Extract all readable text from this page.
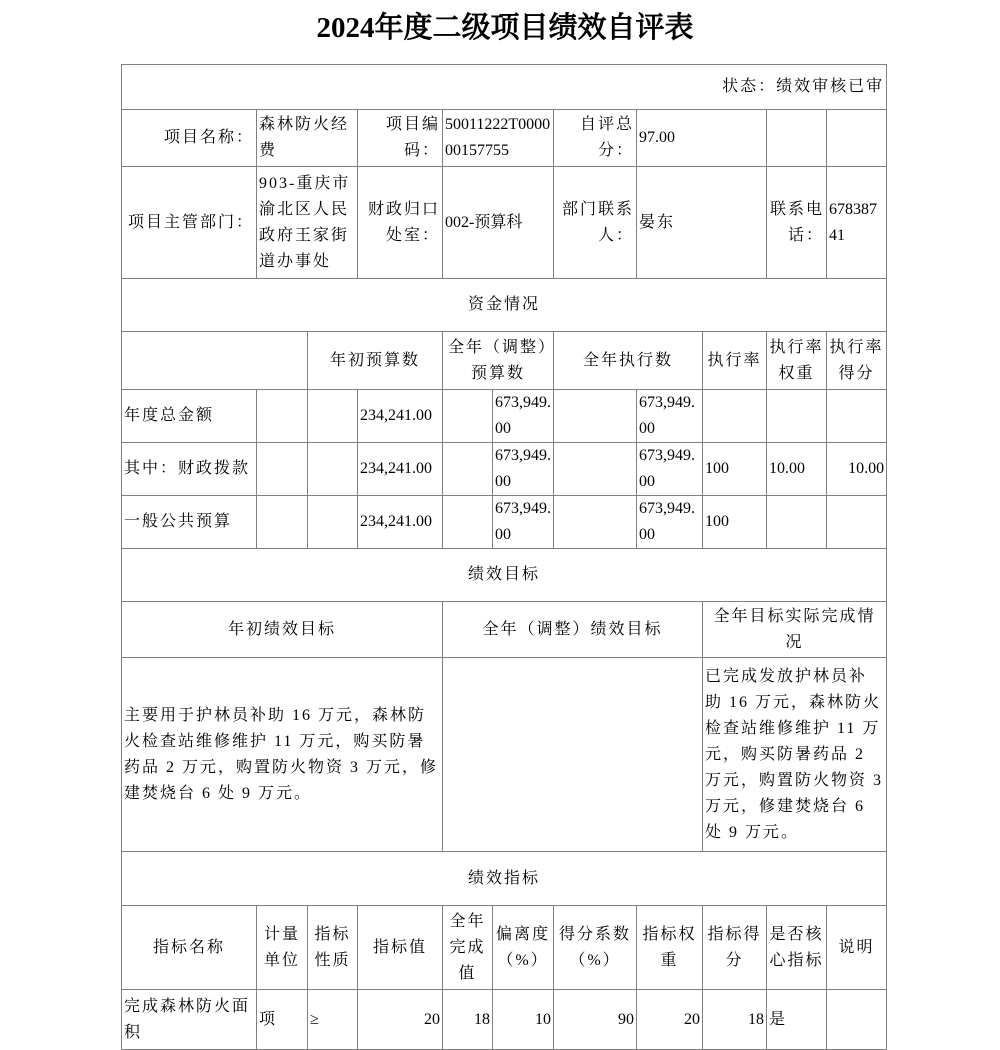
2024年度二级项目绩效自评表
状态：绩效审核已审										
项目名称：	森林防火经费		项目编码：	50011222T000000157755		自评总分：	97.00			
项目主管部门：	903-重庆市渝北区人民政府王家街道办事处		财政归口处室：	002-预算科		部门联系人：	晏东		联系电话：	67838741
资金情况										
		年初预算数		全年（调整）预算数		全年执行数		执行率	执行率权重	执行率得分
年度总金额			234,241.00		673,949.00		673,949.00			
其中：财政拨款			234,241.00		673,949.00		673,949.00	100	10.00	10.00
一般公共预算			234,241.00		673,949.00		673,949.00	100		
绩效目标										
年初绩效目标				全年（调整）绩效目标				全年目标实际完成情况		
主要用于护林员补助 16 万元，森林防火检查站维修维护 11 万元，购买防暑药品 2 万元，购置防火物资 3 万元，修建焚烧台 6 处 9 万元。								已完成发放护林员补助 16 万元，森林防火检查站维修维护 11 万元，购买防暑药品 2 万元，购置防火物资 3 万元，修建焚烧台 6 处 9 万元。		
绩效指标										
指标名称	计量单位	指标性质	指标值	全年完成值	偏离度（%）	得分系数（%）	指标权重	指标得分	是否核心指标	说明
完成森林防火面积	项	≥	20	18	10	90	20	18	是	
